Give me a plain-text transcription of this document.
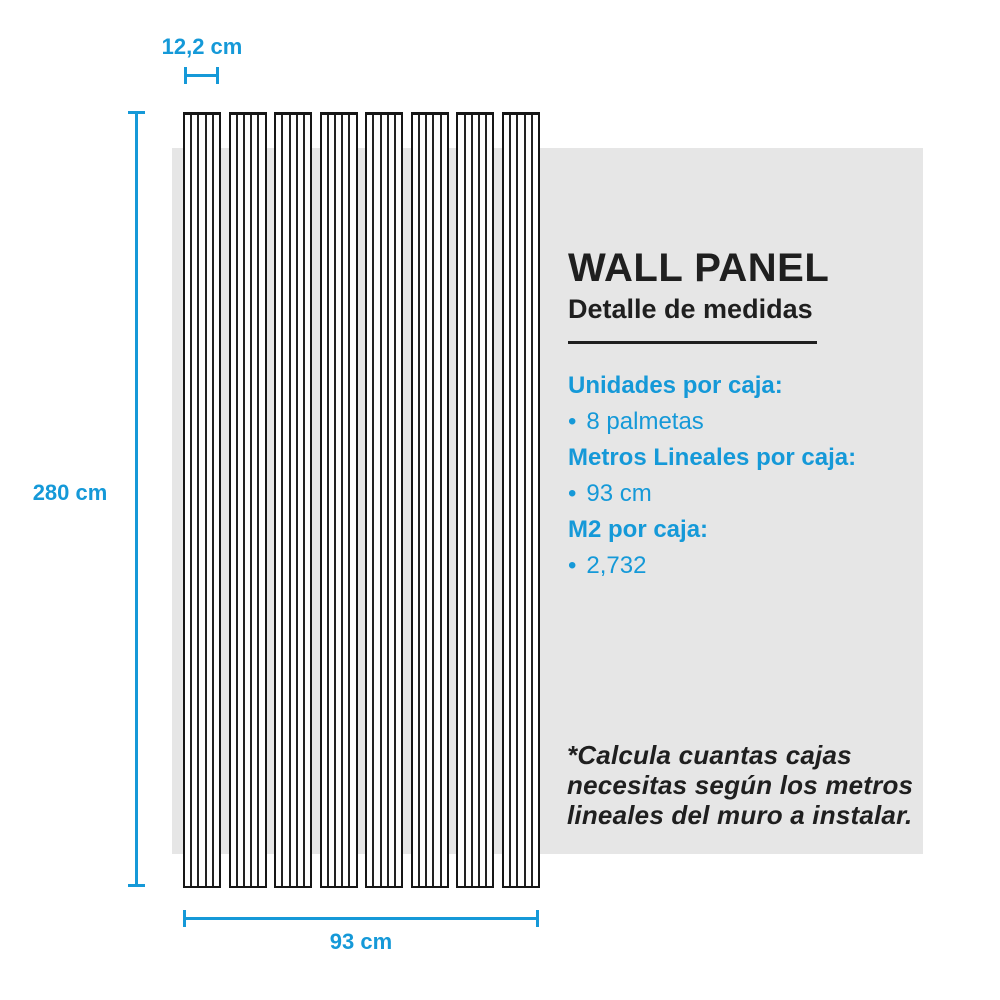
12,2 cm
280 cm
93 cm
WALL PANEL
Detalle de medidas
Unidades por caja:
• 8 palmetas
Metros Lineales por caja:
• 93 cm
M2 por caja:
• 2,732
*Calcula cuantas cajas
necesitas según los metros
lineales del muro a instalar.
